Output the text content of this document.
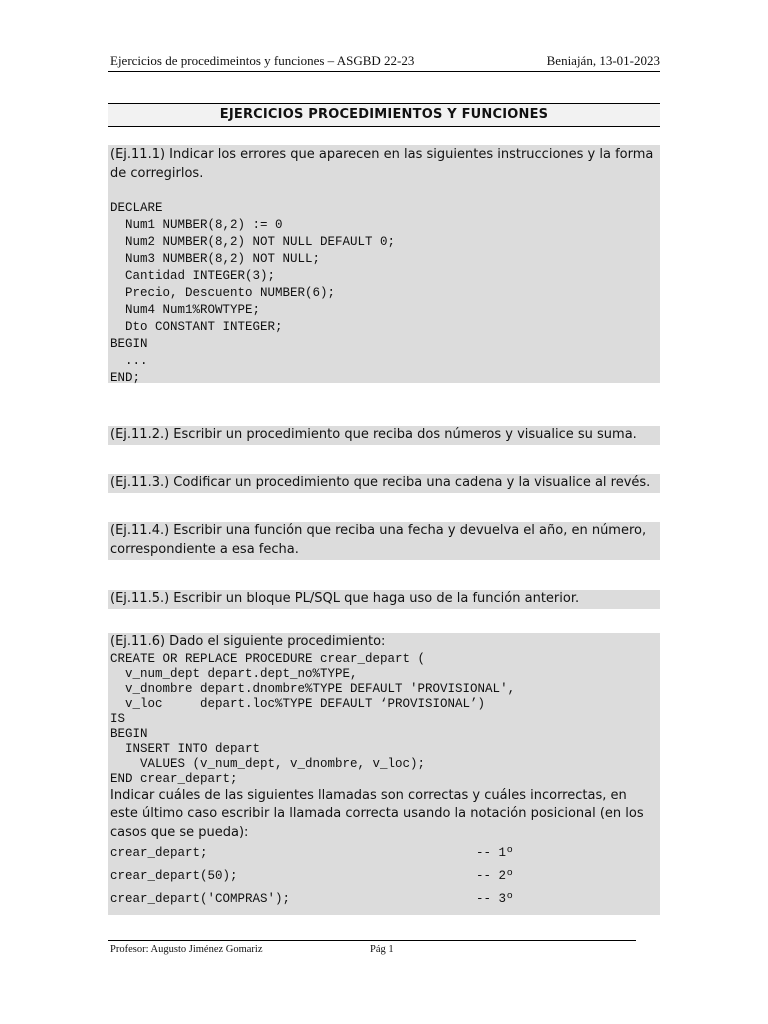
Ejercicios de procedimeintos y funciones – ASGBD 22-23	Beniaján, 13-01-2023
EJERCICIOS PROCEDIMIENTOS Y FUNCIONES
(Ej.11.1) Indicar los errores que aparecen en las siguientes instrucciones y la forma de corregirlos.
DECLARE
Num1 NUMBER(8,2) := 0
Num2 NUMBER(8,2) NOT NULL DEFAULT 0;
Num3 NUMBER(8,2) NOT NULL;
Cantidad INTEGER(3);
Precio, Descuento NUMBER(6);
Num4 Num1%ROWTYPE;
Dto CONSTANT INTEGER;
BEGIN
...
END;
(Ej.11.2.) Escribir un procedimiento que reciba dos números y visualice su suma.
(Ej.11.3.) Codificar un procedimiento que reciba una cadena y la visualice al revés.
(Ej.11.4.) Escribir una función que reciba una fecha y devuelva el año, en número, correspondiente a esa fecha.
(Ej.11.5.) Escribir un bloque PL/SQL que haga uso de la función anterior.
(Ej.11.6) Dado el siguiente procedimiento:
CREATE OR REPLACE PROCEDURE crear_depart (
v_num_dept depart.dept_no%TYPE,
v_dnombre depart.dnombre%TYPE DEFAULT 'PROVISIONAL',
v_loc     depart.loc%TYPE DEFAULT ‘PROVISIONAL’)
IS
BEGIN
INSERT INTO depart
VALUES (v_num_dept, v_dnombre, v_loc);
END crear_depart;
Indicar cuáles de las siguientes llamadas son correctas y cuáles incorrectas, en este último caso escribir la llamada correcta usando la notación posicional (en los casos que se pueda):
crear_depart;	-- 1º
crear_depart(50);	-- 2º
crear_depart('COMPRAS');	-- 3º
Profesor: Augusto Jiménez Gomariz	Pág 1
